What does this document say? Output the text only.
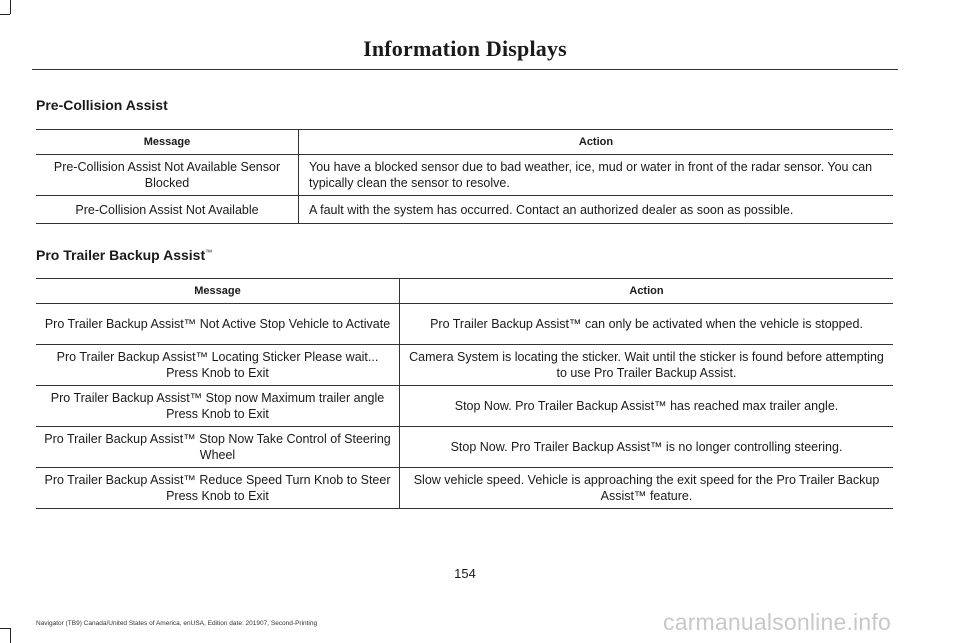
Information Displays
Pre-Collision Assist
Message	Action
Pre-Collision Assist Not Available Sensor Blocked	You have a blocked sensor due to bad weather, ice, mud or water in front of the radar sensor. You can typically clean the sensor to resolve.
Pre-Collision Assist Not Available	A fault with the system has occurred. Contact an authorized dealer as soon as possible.
Pro Trailer Backup Assist™
Message	Action
Pro Trailer Backup Assist™ Not Active Stop Vehicle to Activate	Pro Trailer Backup Assist™ can only be activated when the vehicle is stopped.
Pro Trailer Backup Assist™ Locating Sticker Please wait... Press Knob to Exit	Camera System is locating the sticker. Wait until the sticker is found before attempting to use Pro Trailer Backup Assist.
Pro Trailer Backup Assist™ Stop now Maximum trailer angle Press Knob to Exit	Stop Now. Pro Trailer Backup Assist™ has reached max trailer angle.
Pro Trailer Backup Assist™ Stop Now Take Control of Steering Wheel	Stop Now. Pro Trailer Backup Assist™ is no longer controlling steering.
Pro Trailer Backup Assist™ Reduce Speed Turn Knob to Steer Press Knob to Exit	Slow vehicle speed. Vehicle is approaching the exit speed for the Pro Trailer Backup Assist™ feature.
154
Navigator (TB9) Canada/United States of America, enUSA, Edition date: 201907, Second-Printing	carmanualsonline.info
